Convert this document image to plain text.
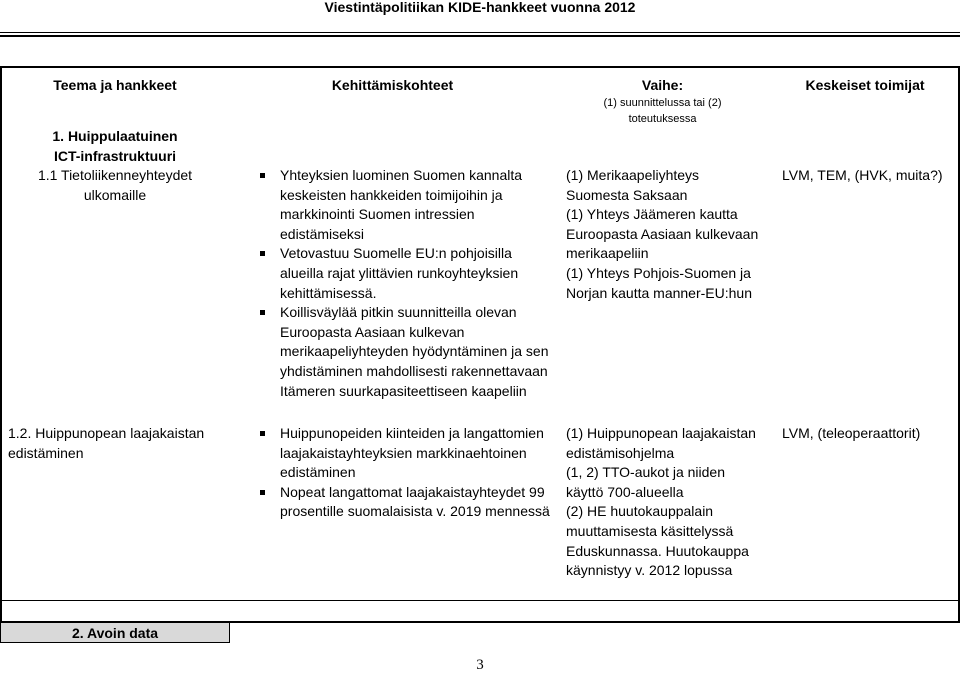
Viestintäpolitiikan KIDE-hankkeet vuonna 2012
Teema ja hankkeet	Kehittämiskohteet	Vaihe:
(1) suunnittelussa tai (2)
toteutuksessa
Keskeiset toimijat
1. Huippulaatuinen
ICT-infrastruktuuri
1.1 Tietoliikenneyhteydet
ulkomaille
Yhteyksien luominen Suomen kannalta keskeisten hankkeiden toimijoihin ja markkinointi Suomen intressien edistämiseksi
Vetovastuu Suomelle EU:n pohjoisilla alueilla rajat ylittävien runkoyhteyksien kehittämisessä.
Koillisväylää pitkin suunnitteilla olevan Euroopasta Aasiaan kulkevan merikaapeliyhteyden hyödyntäminen ja sen yhdistäminen mahdollisesti rakennettavaan Itämeren suurkapasiteettiseen kaapeliin
(1) Merikaapeliyhteys
Suomesta Saksaan
(1) Yhteys Jäämeren kautta
Euroopasta Aasiaan kulkevaan
merikaapeliin
(1) Yhteys Pohjois-Suomen ja
Norjan kautta manner-EU:hun
LVM, TEM, (HVK, muita?)
1.2. Huippunopean laajakaistan
edistäminen
Huippunopeiden kiinteiden ja langattomien laajakaistayhteyksien markkinaehtoinen edistäminen
Nopeat langattomat laajakaistayhteydet 99 prosentille suomalaisista v. 2019 mennessä
(1) Huippunopean laajakaistan
edistämisohjelma
(1, 2) TTO-aukot ja niiden
käyttö 700-alueella
(2) HE huutokauppalain
muuttamisesta käsittelyssä
Eduskunnassa. Huutokauppa
käynnistyy v. 2012 lopussa
LVM, (teleoperaattorit)
2. Avoin data
3
